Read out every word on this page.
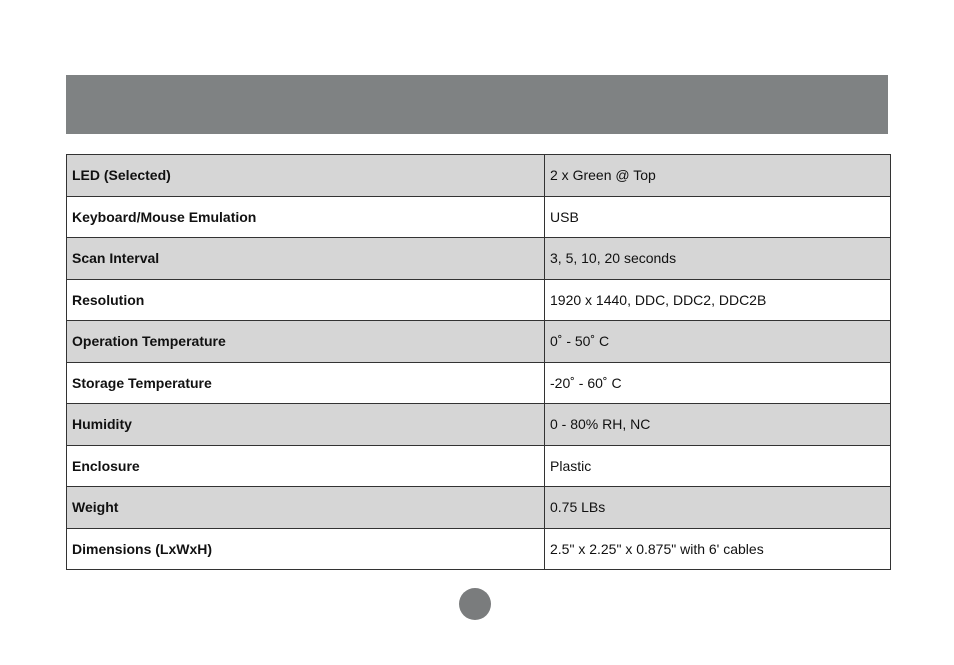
LED (Selected)	2 x Green @ Top
Keyboard/Mouse Emulation	USB
Scan Interval	3, 5, 10, 20 seconds
Resolution	1920 x 1440, DDC, DDC2, DDC2B
Operation Temperature	0˚ - 50˚ C
Storage Temperature	-20˚ - 60˚ C
Humidity	0 - 80% RH, NC
Enclosure	Plastic
Weight	0.75 LBs
Dimensions (LxWxH)	2.5" x 2.25" x 0.875" with 6' cables
